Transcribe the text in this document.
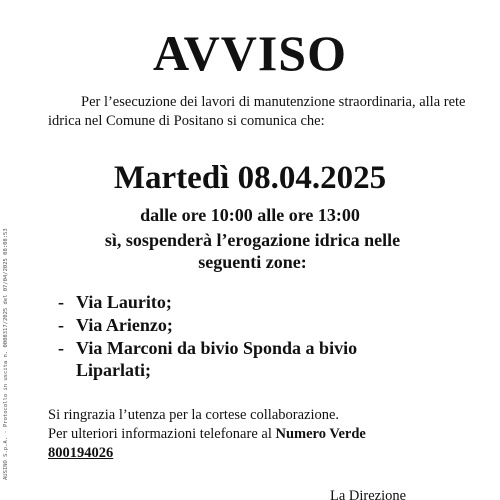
AUSINO S.p.A. - Protocollo in uscita n. 0008317/2025 del 07/04/2025 08:08:53
AVVISO
Per l’esecuzione dei lavori di manutenzione straordinaria, alla rete idrica nel Comune di Positano si comunica che:
Martedì 08.04.2025
dalle ore 10:00 alle ore 13:00
sì, sospenderà l’erogazione idrica nelle seguenti zone:
- Via Laurito;
- Via Arienzo;
- Via Marconi da bivio Sponda a bivio Liparlati;
Si ringrazia l’utenza per la cortese collaborazione.
Per ulteriori informazioni telefonare al Numero Verde
800194026
La Direzione
